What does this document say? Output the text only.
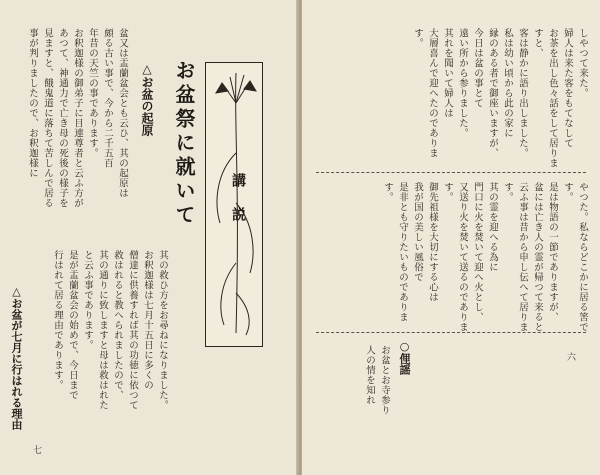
盆又は盂蘭盆会とも云ひ、其の起原は

頗る古い事で、今から二千五百

年昔の天竺の事であります。

お釈迦様の御弟子に目連尊者と云ふ方が

あつて、神通力で亡き母の死後の様子を

見ますと、餓鬼道に落ちて苦しんで居る

事が判りましたので、お釈迦様に	△お盆の起原 お盆祭に就いて	講説

其の救ひ方をお尋ねになりました。

お釈迦様は七月十五日に多くの

僧達に供養すれば其の功徳に依つて

救はれると教へられましたので、

其の通りに致しますと母は救はれた

と云ふ事であります。

是が盂蘭盆会の始めで、今日まで

行はれて居る理由であります。

△お盆が七月に行はれる理由
七

しやつて来た。

婦人は来た客をもてなして

お茶を出し色々話をして居りますと、

客は静かに語り出しました。

私は幼い頃から此の家に

縁のある者で御座いますが、

今日は盆の事とて

遠い所から参りました。

其れを聞いて婦人は

大層喜んで迎へたのであります。

やつた。私ならどこかに居る筈です。

是は物語の一節でありますが、

盆には亡き人の霊が帰つて来ると

云ふ事は昔から申し伝へて居ります。

其の霊を迎へる為に

門口に火を焚いて迎へ火とし、

又送り火を焚いて送るのであります。

御先祖様を大切にする心は

我が国の美しい風俗で

是非とも守りたいものであります。

○俚謡

お盆とお寺参り

人の情を知れ	六
